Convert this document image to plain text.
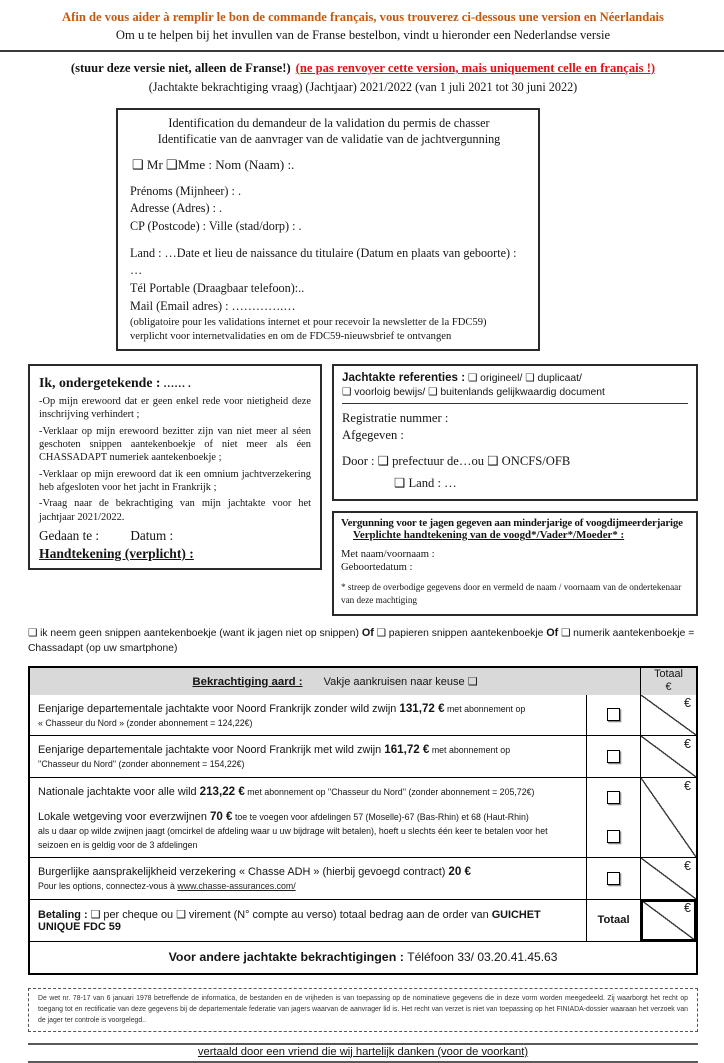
Afin de vous aider à remplir le bon de commande français, vous trouverez ci-dessous une version en Néerlandais
Om u te helpen bij het invullen van de Franse bestelbon, vindt u hieronder een Nederlandse versie
(stuur deze versie niet, alleen de Franse!) (ne pas renvoyer cette version, mais uniquement celle en français !)
(Jachtakte bekrachtiging vraag) (Jachtjaar) 2021/2022 (van 1 juli 2021 tot 30 juni 2022)
Identification du demandeur de la validation du permis de chasser
Identificatie van de aanvrager van de validatie van de jachtvergunning
❑ Mr ❑Mme : Nom (Naam) :.
Prénoms (Mijnheer) : .
Adresse (Adres) : .
CP (Postcode) : Ville (stad/dorp) : .
Land : …Date et lieu de naissance du titulaire (Datum en plaats van geboorte) : …
Tél Portable (Draagbaar telefoon):..
Mail (Email adres) : ………….…
(obligatoire pour les validations internet et pour recevoir la newsletter de la FDC59)
verplicht voor internetvalidaties en om de FDC59-nieuwsbrief te ontvangen
Ik, ondergetekende : …… .
-Op mijn erewoord dat er geen enkel rede voor nietigheid deze inschrijving verhindert ;
-Verklaar op mijn erewoord bezitter zijn van niet meer al séen geschoten snippen aantekenboekje of niet meer als éen CHASSADAPT numeriek aantekenboekje ;
-Verklaar op mijn erewoord dat ik een omnium jachtverzekering heb afgesloten voor het jacht in Frankrijk ;
-Vraag naar de bekrachtiging van mijn jachtakte voor het jachtjaar 2021/2022.
Gedaan te : Datum :
Handtekening (verplicht) :
Jachtakte referenties : ❑ origineel/ ❑ duplicaat/
❑ voorloig bewijs/ ❑ buitenlands gelijkwaardig document
Registratie nummer :
Afgegeven :
Door : ❑ prefectuur de…ou ❑ ONCFS/OFB
❑ Land : …
Vergunning voor te jagen gegeven aan minderjarige of voogdijmeerderjarige
Verplichte handtekening van de voogd*/Vader*/Moeder* :
Met naam/voornaam :
Geboortedatum :
* streep de overbodige gegevens door en vermeld de naam / voornaam van de ondertekenaar van deze machtiging
❑ ik neem geen snippen aantekenboekje (want ik jagen niet op snippen) Of ❑ papieren snippen aantekenboekje Of ❑ numerik aantekenboekje = Chassadapt (op uw smartphone)
Bekrachtiging aard : Vakje aankruisen naar keuse ❑
Totaal
€
Eenjarige departementale jachtakte voor Noord Frankrijk zonder wild zwijn 131,72 € met abonnement op
« Chasseur du Nord » (zonder abonnement = 124,22€)
€
Eenjarige departementale jachtakte voor Noord Frankrijk met wild zwijn 161,72 € met abonnement op
''Chasseur du Nord'' (zonder abonnement = 154,22€)
€
Nationale jachtakte voor alle wild 213,22 € met abonnement op ''Chasseur du Nord'' (zonder abonnement = 205,72€)
Lokale wetgeving voor everzwijnen 70 € toe te voegen voor afdelingen 57 (Moselle)-67 (Bas-Rhin) et 68 (Haut-Rhin)
als u daar op wilde zwijnen jaagt (omcirkel de afdeling waar u uw bijdrage wilt betalen), hoeft u slechts één keer te betalen voor het seizoen en is geldig voor de 3 afdelingen
€
Burgerlijke aansprakelijkheid verzekering « Chasse ADH » (hierbij gevoegd contract) 20 €
Pour les options, connectez-vous à www.chasse-assurances.com/
€
Betaling : ❑ per cheque ou ❑ virement (N° compte au verso) totaal bedrag aan de order van GUICHET UNIQUE FDC 59
Totaal
€
Voor andere jachtakte bekrachtigingen : Téléfoon 33/ 03.20.41.45.63
De wet nr. 78-17 van 6 januari 1978 betreffende de informatica, de bestanden en de vrijheden is van toepassing op de nominatieve gegevens die in deze vorm worden meegedeeld. Zij waarborgt het recht op toegang tot en rectificatie van deze gegevens bij de departementale federatie van jagers waarvan de aanvrager lid is. Het recht van verzet is niet van toepassing op het FINIADA-dossier waaraan het verzoek van de jager ter controle is voorgelegd..
vertaald door een vriend die wij hartelijk danken (voor de voorkant)
